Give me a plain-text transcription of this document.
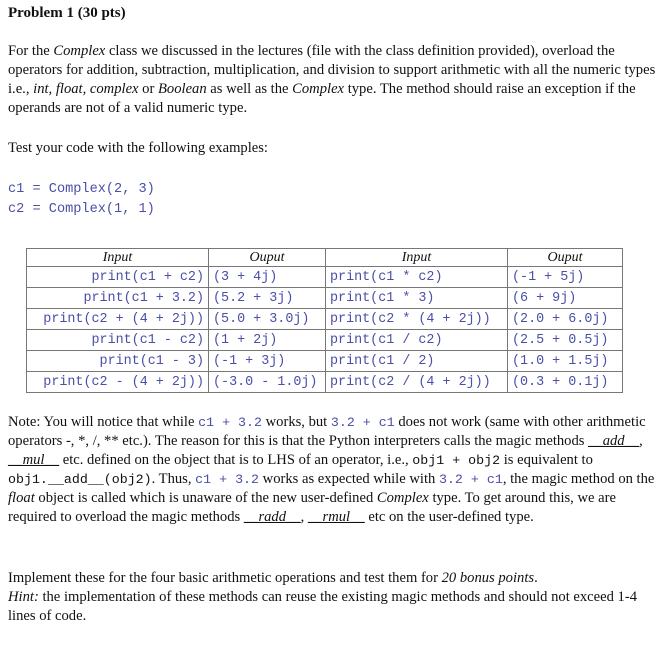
Problem 1 (30 pts)
For the Complex class we discussed in the lectures (file with the class definition provided), overload the operators for addition, subtraction, multiplication, and division to support arithmetic with all the numeric types i.e., int, float, complex or Boolean as well as the Complex type. The method should raise an exception if the operands are not of a valid numeric type.
Test your code with the following examples:
c1 = Complex(2, 3)
c2 = Complex(1, 1)
Input	Ouput	Input	Ouput
print(c1 + c2)	(3 + 4j)	print(c1 * c2)	(-1 + 5j)
print(c1 + 3.2)	(5.2 + 3j)	print(c1 * 3)	(6 + 9j)
print(c2 + (4 + 2j))	(5.0 + 3.0j)	print(c2 * (4 + 2j))	(2.0 + 6.0j)
print(c1 - c2)	(1 + 2j)	print(c1 / c2)	(2.5 + 0.5j)
print(c1 - 3)	(-1 + 3j)	print(c1 / 2)	(1.0 + 1.5j)
print(c2 - (4 + 2j))	(-3.0 - 1.0j)	print(c2 / (4 + 2j))	(0.3 + 0.1j)
Note: You will notice that while c1 + 3.2 works, but 3.2 + c1 does not work (same with other arithmetic operators -, *, /, ** etc.). The reason for this is that the Python interpreters calls the magic methods __add__, __mul__ etc. defined on the object that is to LHS of an operator, i.e., obj1 + obj2 is equivalent to obj1.__add__(obj2). Thus, c1 + 3.2 works as expected while with 3.2 + c1, the magic method on the float object is called which is unaware of the new user-defined Complex type. To get around this, we are required to overload the magic methods __radd__, __rmul__ etc on the user-defined type.
Implement these for the four basic arithmetic operations and test them for 20 bonus points.
Hint: the implementation of these methods can reuse the existing magic methods and should not exceed 1-4 lines of code.
